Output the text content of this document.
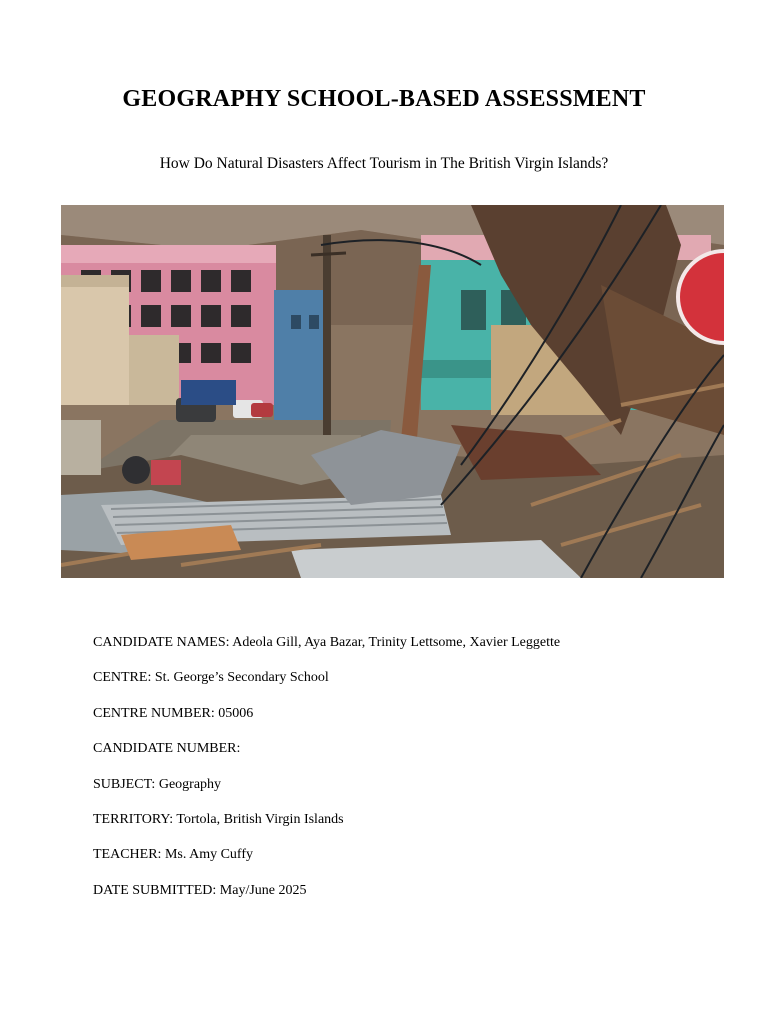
GEOGRAPHY SCHOOL-BASED ASSESSMENT

How Do Natural Disasters Affect Tourism in The British Virgin Islands?

CANDIDATE NAMES: Adeola Gill, Aya Bazar, Trinity Lettsome, Xavier Leggette
CENTRE: St. George’s Secondary School
CENTRE NUMBER: 05006
CANDIDATE NUMBER:
SUBJECT: Geography
TERRITORY: Tortola, British Virgin Islands
TEACHER: Ms. Amy Cuffy
DATE SUBMITTED: May/June 2025
